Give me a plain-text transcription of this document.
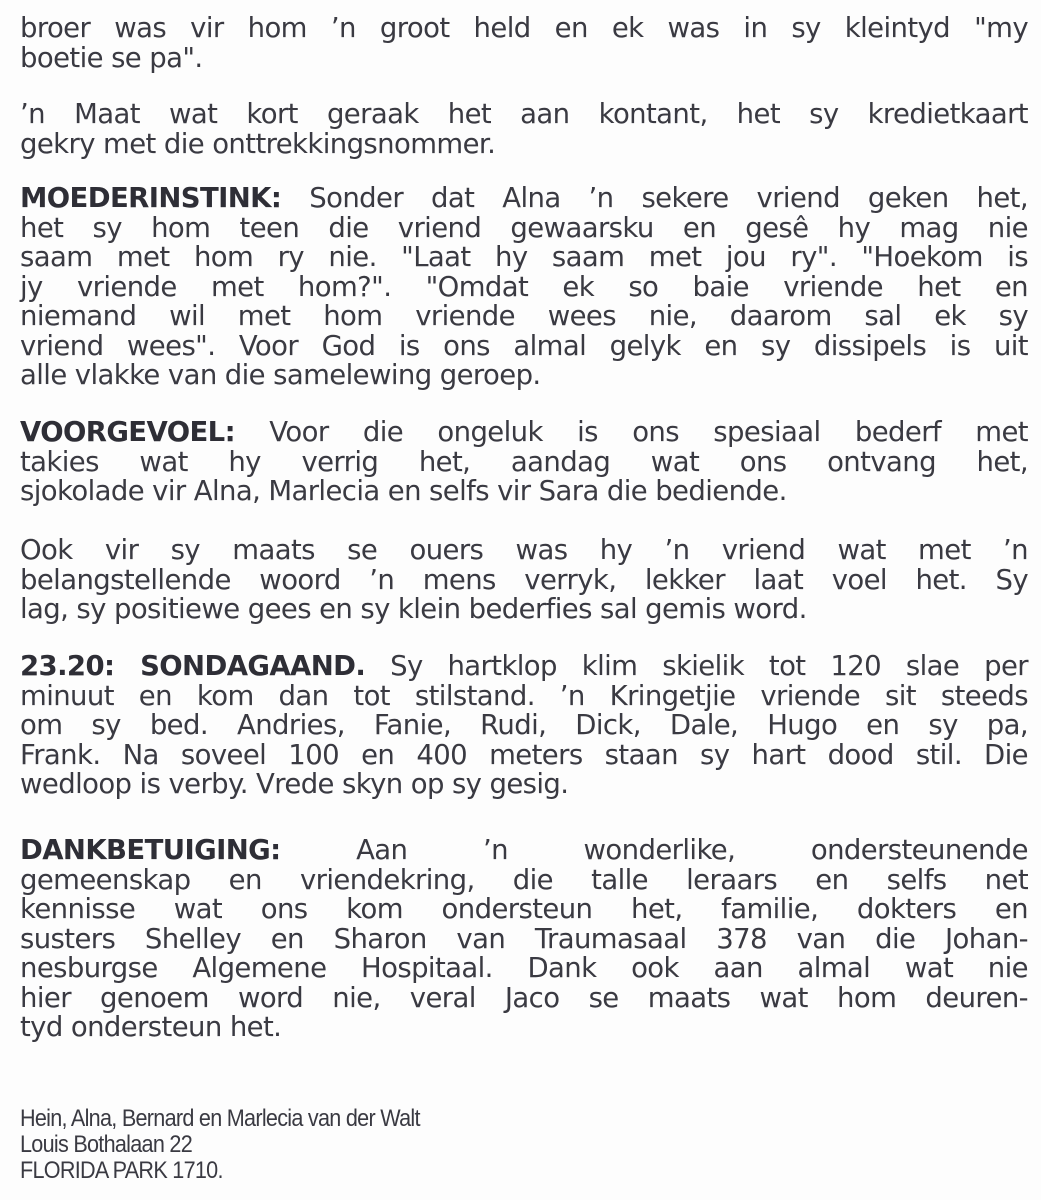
broer was vir hom ’n groot held en ek was in sy kleintyd "my
boetie se pa".
’n Maat wat kort geraak het aan kontant, het sy kredietkaart
gekry met die onttrekkingsnommer.
MOEDERINSTINK: Sonder dat Alna ’n sekere vriend geken het,
het sy hom teen die vriend gewaarsku en gesê hy mag nie
saam met hom ry nie. "Laat hy saam met jou ry". "Hoekom is
jy vriende met hom?". "Omdat ek so baie vriende het en
niemand wil met hom vriende wees nie, daarom sal ek sy
vriend wees". Voor God is ons almal gelyk en sy dissipels is uit
alle vlakke van die samelewing geroep.
VOORGEVOEL: Voor die ongeluk is ons spesiaal bederf met
takies wat hy verrig het, aandag wat ons ontvang het,
sjokolade vir Alna, Marlecia en selfs vir Sara die bediende.
Ook vir sy maats se ouers was hy ’n vriend wat met ’n
belangstellende woord ’n mens verryk, lekker laat voel het. Sy
lag, sy positiewe gees en sy klein bederfies sal gemis word.
23.20: SONDAGAAND. Sy hartklop klim skielik tot 120 slae per
minuut en kom dan tot stilstand. ’n Kringetjie vriende sit steeds
om sy bed. Andries, Fanie, Rudi, Dick, Dale, Hugo en sy pa,
Frank. Na soveel 100 en 400 meters staan sy hart dood stil. Die
wedloop is verby. Vrede skyn op sy gesig.
DANKBETUIGING: Aan ’n wonderlike, ondersteunende
gemeenskap en vriendekring, die talle leraars en selfs net
kennisse wat ons kom ondersteun het, familie, dokters en
susters Shelley en Sharon van Traumasaal 378 van die Johan-
nesburgse Algemene Hospitaal. Dank ook aan almal wat nie
hier genoem word nie, veral Jaco se maats wat hom deuren-
tyd ondersteun het.
Hein, Alna, Bernard en Marlecia van der Walt
Louis Bothalaan 22
FLORIDA PARK 1710.
